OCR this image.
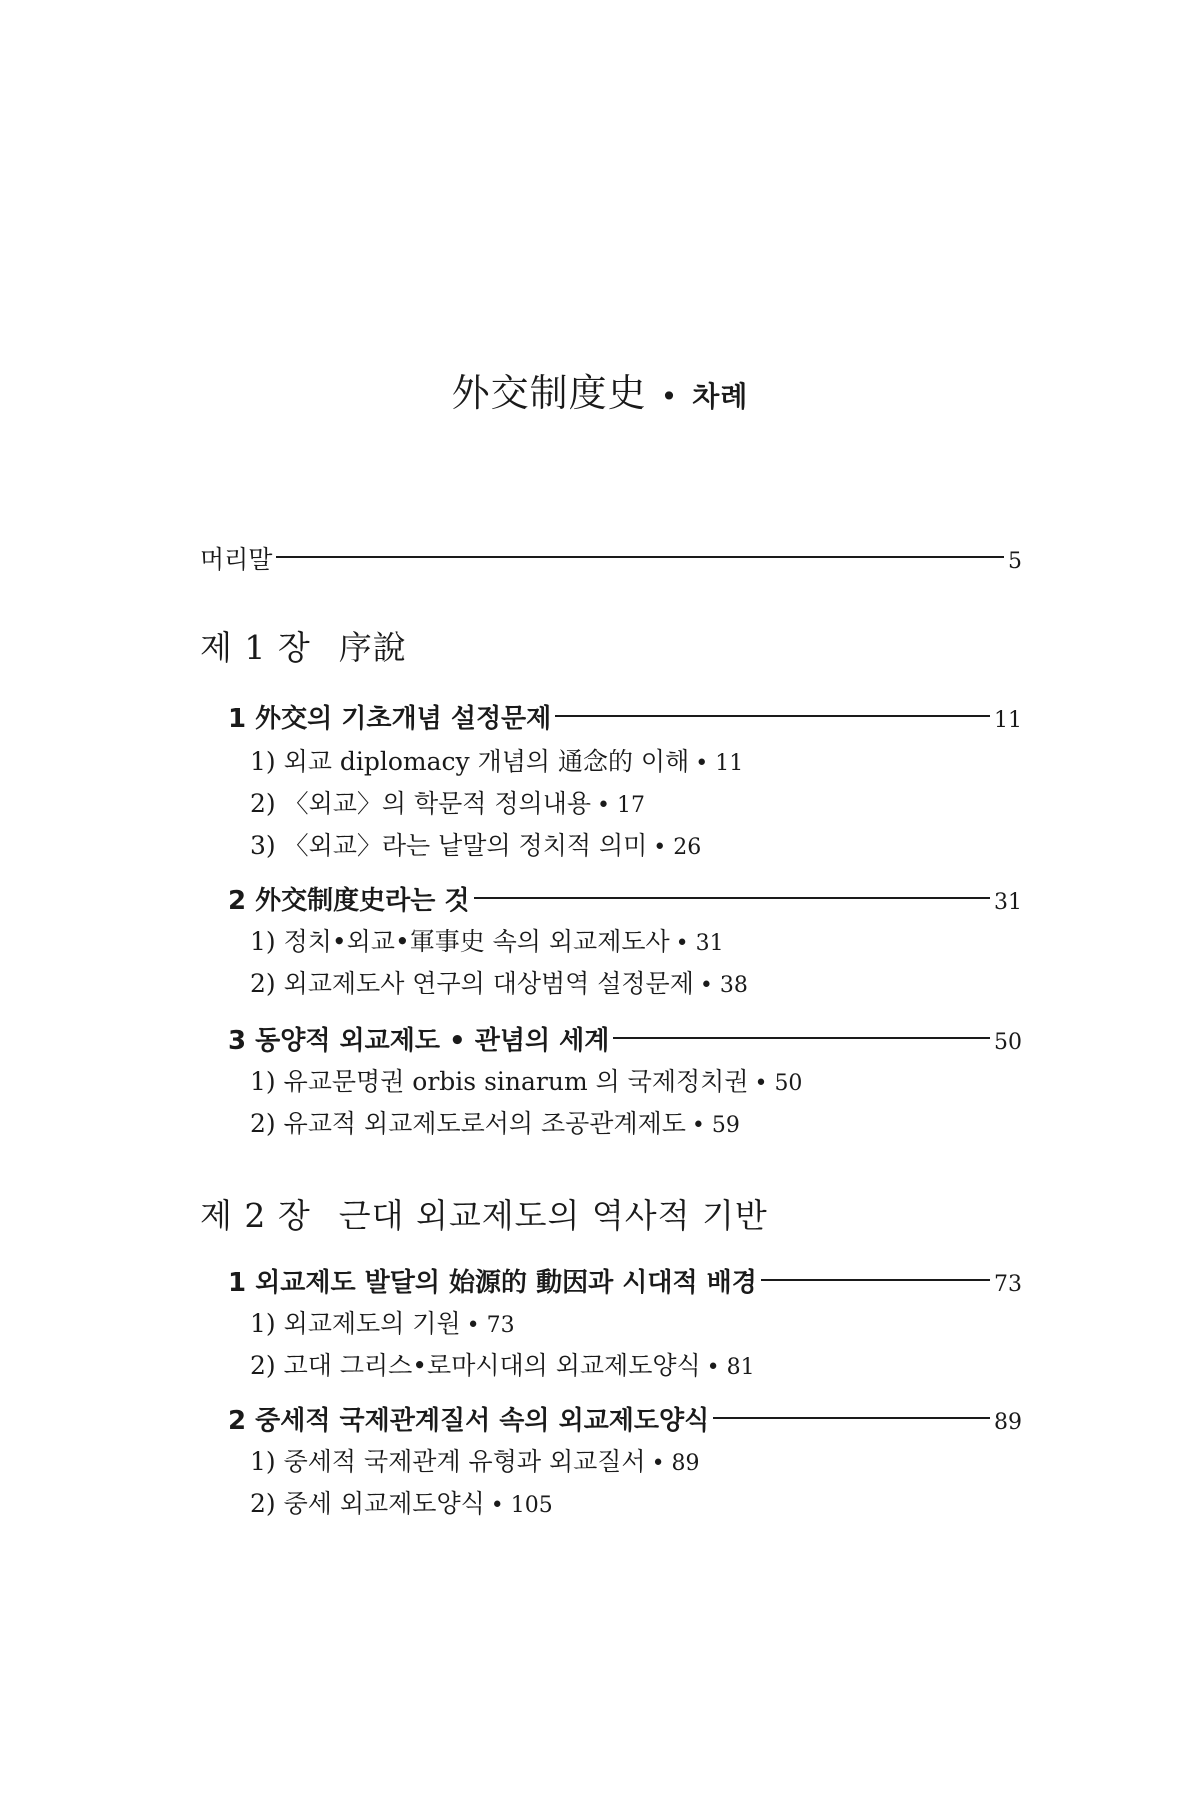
外交制度史 • 차례
머리말	5
제 1 장 序說
1 外交의 기초개념 설정문제	11
1) 외교 diplomacy 개념의 通念的 이해 • 11
2) 〈외교〉의 학문적 정의내용 • 17
3) 〈외교〉라는 낱말의 정치적 의미 • 26
2 外交制度史라는 것	31
1) 정치•외교•軍事史 속의 외교제도사 • 31
2) 외교제도사 연구의 대상범역 설정문제 • 38
3 동양적 외교제도 • 관념의 세계	50
1) 유교문명권 orbis sinarum 의 국제정치권 • 50
2) 유교적 외교제도로서의 조공관계제도 • 59
제 2 장 근대 외교제도의 역사적 기반
1 외교제도 발달의 始源的 動因과 시대적 배경	73
1) 외교제도의 기원 • 73
2) 고대 그리스•로마시대의 외교제도양식 • 81
2 중세적 국제관계질서 속의 외교제도양식	89
1) 중세적 국제관계 유형과 외교질서 • 89
2) 중세 외교제도양식 • 105
